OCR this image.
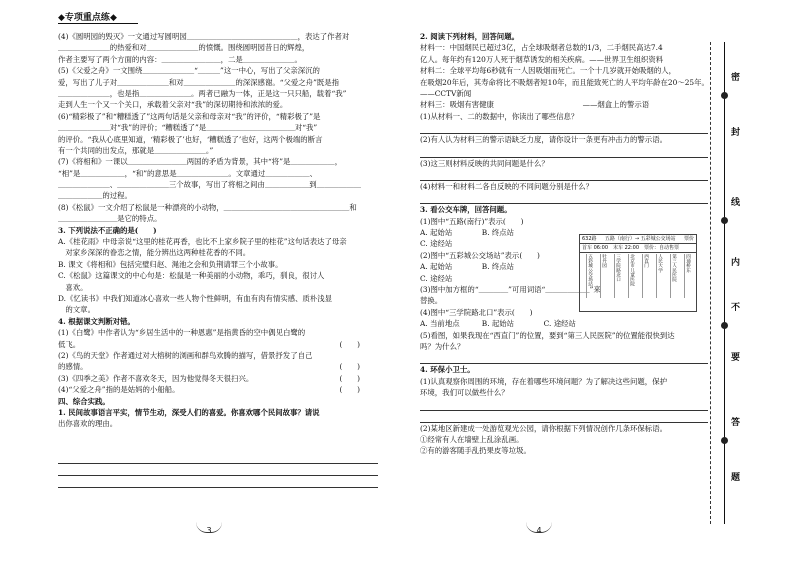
◆专项重点练◆
(4)《圆明园的毁灭》一文通过写圆明园＿＿＿＿＿＿＿＿＿＿＿＿＿＿＿，表达了作者对
＿＿＿＿＿＿＿的热爱和对＿＿＿＿＿＿＿的愤慨。围绕圆明园昔日的辉煌，
作者主要写了两个方面的内容：＿＿＿＿＿＿＿＿，二是＿＿＿＿＿＿＿。
(5)《父爱之舟》一文围绕＿＿＿＿＿＿＿“＿＿＿”这一中心，写出了父亲深沉的
爱，写出了儿子对＿＿＿＿＿＿＿和对＿＿＿＿＿＿＿的深深感谢。“父爱之舟”既是指
＿＿＿＿＿＿＿，也是指＿＿＿＿＿＿＿。两者已融为一体，正是这一只只船，载着“我”
走到人生一个又一个关口，承载着父亲对“我”的深切期待和浓浓的爱。
(6)“精彩极了”和“糟糕透了”这两句话是父亲和母亲对“我”的评价，“精彩极了”是
＿＿＿＿＿＿＿对“我”的评价；“糟糕透了”是＿＿＿＿＿＿＿＿＿＿＿＿对“我”
的评价。“我从心底里知道，‘精彩极了’也好，‘糟糕透了’也好，这两个极端的断言
有一个共同的出发点，那就是＿＿＿＿＿＿＿。”
(7)《将相和》一课以＿＿＿＿＿＿＿＿两国的矛盾为背景，其中“将”是＿＿＿＿＿＿，
“相”是＿＿＿＿＿＿，“和”的意思是＿＿＿＿＿＿＿。文章通过＿＿＿＿＿＿、
＿＿＿＿＿＿＿、＿＿＿＿＿＿＿三个故事，写出了将相之间由＿＿＿＿＿＿到＿＿＿＿＿＿
＿＿＿＿＿＿的过程。
(8)《松鼠》一文介绍了松鼠是一种漂亮的小动物，＿＿＿＿＿＿＿＿＿＿＿＿＿＿＿＿＿和
＿＿＿＿＿＿＿＿是它的特点。
3. 下列说法不正确的是(　　)
A.《桂花雨》中母亲说“这里的桂花再香，也比不上家乡院子里的桂花”这句话表达了母亲
　对家乡深深的眷恋之情，能分辨出这两种桂花香的不同。
B. 课文《将相和》包括完璧归赵、渑池之会和负荆请罪三个小故事。
C.《松鼠》这篇课文的中心句是：松鼠是一种美丽的小动物，乖巧，驯良，很讨人
　喜欢。
D.《忆读书》中我们知道冰心喜欢一些人物个性鲜明，有血有肉有情实感、质朴浅显
　的文章。
4. 根据课文判断对错。
(1)《白鹭》中作者认为“乡居生活中的一种恩惠”是指黄昏的空中偶见白鹭的
低飞。	(　　)
(2)《鸟的天堂》作者通过对大榕树的浏画和群鸟欢腾的描写，借景抒发了自己
的感情。	(　　)
(3)《四季之美》作者不喜欢冬天，因为他觉得冬天很扫兴。	(　　)
(4)“父爱之舟”指的是姑妈的小船船。	(　　)
四、综合实践。
1. 民间故事语言平实，情节生动，深受人们的喜爱。你喜欢哪个民间故事？请说
出你喜欢的理由。
3
2. 阅读下列材料，回答问题。
材料一：中国烟民已超过3亿，占全球吸烟者总数的1/3，二手烟民高达7.4
亿人。每年约有120万人死于烟草诱发的相关疾病。——世界卫生组织资料
材料二：全球平均每6秒就有一人因吸烟而死亡。一个十几岁就开始吸烟的人，
在吸烟20年后，其寿命将比不吸烟者短10年，而且能致死亡的人平均年龄在20～25年。
——CCTV新闻
材料三：吸烟有害健康　　　　　　　　　　　　——烟盒上的警示语
(1)从材料一、二的数据中，你读出了哪些信息？
(2)有人认为材料三的警示语缺乏力度，请你设计一条更有冲击力的警示语。
(3)这三则材料反映的共同问题是什么？
(4)材料一和材料二各自反映的不同问题分别是什么？
3. 看公交车牌，回答问题。
(1)图中“五路(南行)”表示(　　)
A. 起始站　　　　B. 终点站
C. 途经站
(2)图中“五彩城公交场站”表示(　　)
A. 起始站　　　　B. 终点站
C. 途经站
(3)图中加方框的“＿＿＿＿”可用词语“＿＿＿＿＿＿”来
替换。
(4)图中“三学院路北口”表示(　　)
A. 当前地点　　　B. 起始站　　　　C. 途经站
(5)看图，如果我现在“西直门”的位置，要到“第三人民医院”的位置能很快到达
吗？为什么？
4. 环保小卫士。
(1)认真观察你周围的环境，存在着哪些环境问题？为了解决这些问题，保护
环境，我们可以做些什么？
(2)某地区新建成一处游览观光公园，请你根据下列情况创作几条环保标语。
①经常有人在墙壁上乱涂乱画。
②有的游客随手乱扔果皮等垃圾。
632路 五路（南行）→ 五彩城公交场站 票价
首车 06:00　 末车 22:00　 票价：自动售票
五彩城公交场站	牡丹园	三学院路北口	北京市儿童医院	西直门	人民大学	第三人民医院	四通桥东
4
密
封
线
内
不
要
答
题
